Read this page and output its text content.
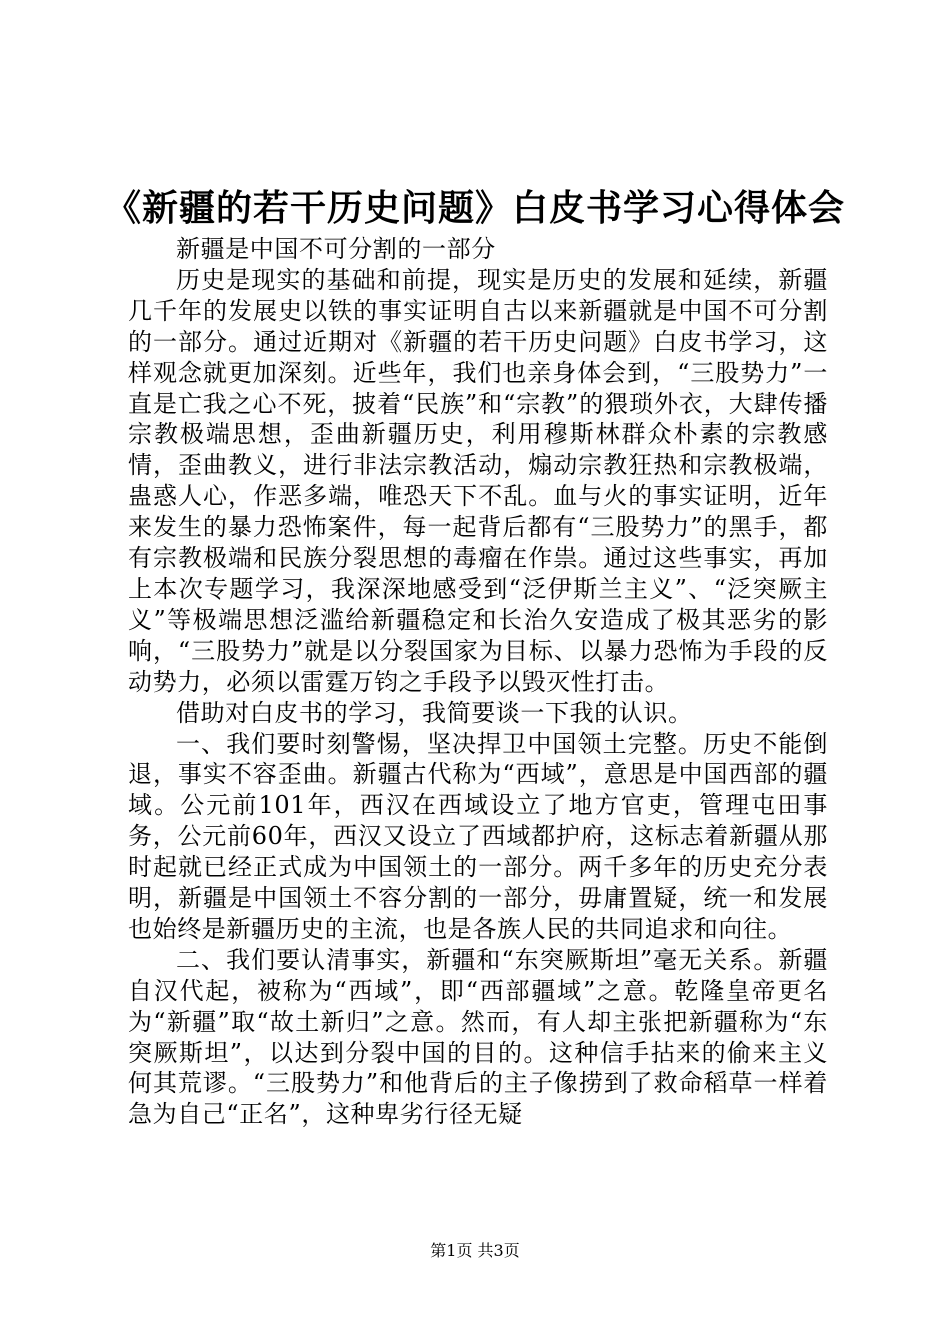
《新疆的若干历史问题》白皮书学习心得体会

新疆是中国不可分割的一部分

历史是现实的基础和前提，现实是历史的发展和延续，新疆几千年的发展史以铁的事实证明自古以来新疆就是中国不可分割的一部分。通过近期对《新疆的若干历史问题》白皮书学习，这样观念就更加深刻。近些年，我们也亲身体会到，“三股势力”一直是亡我之心不死，披着“民族”和“宗教”的猥琐外衣，大肆传播宗教极端思想，歪曲新疆历史，利用穆斯林群众朴素的宗教感情，歪曲教义，进行非法宗教活动，煽动宗教狂热和宗教极端，蛊惑人心，作恶多端，唯恐天下不乱。血与火的事实证明，近年来发生的暴力恐怖案件，每一起背后都有“三股势力”的黑手，都有宗教极端和民族分裂思想的毒瘤在作祟。通过这些事实，再加上本次专题学习，我深深地感受到“泛伊斯兰主义”、“泛突厥主义”等极端思想泛滥给新疆稳定和长治久安造成了极其恶劣的影响，“三股势力”就是以分裂国家为目标、以暴力恐怖为手段的反动势力，必须以雷霆万钧之手段予以毁灭性打击。

借助对白皮书的学习，我简要谈一下我的认识。

一、我们要时刻警惕，坚决捍卫中国领土完整。历史不能倒退，事实不容歪曲。新疆古代称为“西域”，意思是中国西部的疆域。公元前101年，西汉在西域设立了地方官吏，管理屯田事务，公元前60年，西汉又设立了西域都护府，这标志着新疆从那时起就已经正式成为中国领土的一部分。两千多年的历史充分表明，新疆是中国领土不容分割的一部分，毋庸置疑，统一和发展也始终是新疆历史的主流，也是各族人民的共同追求和向往。

二、我们要认清事实，新疆和“东突厥斯坦”毫无关系。新疆自汉代起，被称为“西域”，即“西部疆域”之意。乾隆皇帝更名为“新疆”取“故土新归”之意。然而，有人却主张把新疆称为“东突厥斯坦”，以达到分裂中国的目的。这种信手拈来的偷来主义何其荒谬。“三股势力”和他背后的主子像捞到了救命稻草一样着急为自己“正名”，这种卑劣行径无疑

第1页 共3页
